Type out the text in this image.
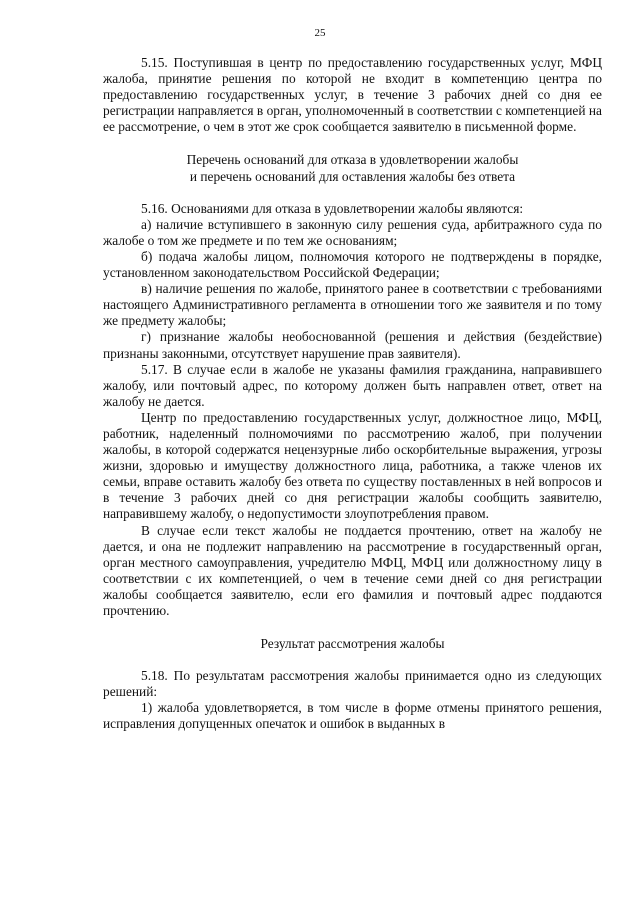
25

5.15. Поступившая в центр по предоставлению государственных услуг, МФЦ жалоба, принятие решения по которой не входит в компетенцию центра по предоставлению государственных услуг, в течение 3 рабочих дней со дня ее регистрации направляется в орган, уполномоченный в соответствии с компетенцией на ее рассмотрение, о чем в этот же срок сообщается заявителю в письменной форме.

Перечень оснований для отказа в удовлетворении жалобы

и перечень оснований для оставления жалобы без ответа

5.16. Основаниями для отказа в удовлетворении жалобы являются:

а) наличие вступившего в законную силу решения суда, арбитражного суда по жалобе о том же предмете и по тем же основаниям;

б) подача жалобы лицом, полномочия которого не подтверждены в порядке, установленном законодательством Российской Федерации;

в) наличие решения по жалобе, принятого ранее в соответствии с требованиями настоящего Административного регламента в отношении того же заявителя и по тому же предмету жалобы;

г) признание жалобы необоснованной (решения и действия (бездействие) признаны законными, отсутствует нарушение прав заявителя).

5.17. В случае если в жалобе не указаны фамилия гражданина, направившего жалобу, или почтовый адрес, по которому должен быть направлен ответ, ответ на жалобу не дается.

Центр по предоставлению государственных услуг, должностное лицо, МФЦ, работник, наделенный полномочиями по рассмотрению жалоб, при получении жалобы, в которой содержатся нецензурные либо оскорбительные выражения, угрозы жизни, здоровью и имуществу должностного лица, работника, а также членов их семьи, вправе оставить жалобу без ответа по существу поставленных в ней вопросов и в течение 3 рабочих дней со дня регистрации жалобы сообщить заявителю, направившему жалобу, о недопустимости злоупотребления правом.

В случае если текст жалобы не поддается прочтению, ответ на жалобу не дается, и она не подлежит направлению на рассмотрение в государственный орган, орган местного самоуправления, учредителю МФЦ, МФЦ или должностному лицу в соответствии с их компетенцией, о чем в течение семи дней со дня регистрации жалобы сообщается заявителю, если его фамилия и почтовый адрес поддаются прочтению.

Результат рассмотрения жалобы

5.18. По результатам рассмотрения жалобы принимается одно из следующих решений:

1) жалоба удовлетворяется, в том числе в форме отмены принятого решения, исправления допущенных опечаток и ошибок в выданных в
